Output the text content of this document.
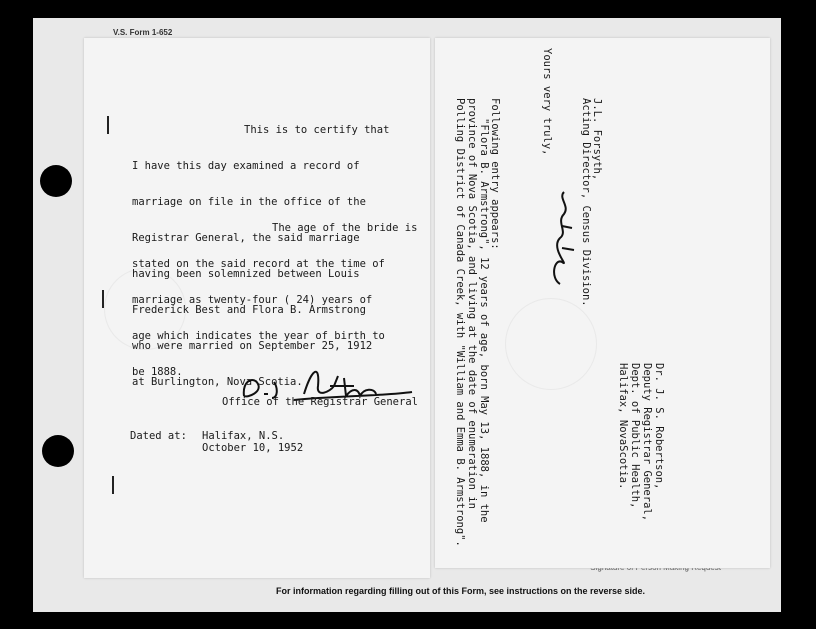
V.S. Form 1-652
For information regarding filling out of this Form, see instructions on the reverse side.

This is to certify that

I have this day examined a record of

marriage on file in the office of the

Registrar General, the said marriage

having been solemnized between Louis

Frederick Best and Flora B. Armstrong

who were married on September 25, 1912

at Burlington, Nova Scotia.

The age of the bride is

stated on the said record at the time of

marriage as twenty-four ( 24) years of

age which indicates the year of birth to

be 1888.

Office of the Registrar General
Dated at: Halifax, N.S.
October 10, 1952
Following entry appears:
"Flora B. Armstrong", 12 years of age, born May 13, 1888, in the
province of Nova Scotia, and living at the date of enumeration in
Polling District of Canada Creek, with "William and Emma B. Armstrong".	Yours very truly,	J.L. Forsyth,
Acting Director, Census Division.
Dr. J. S. Robertson,
Deputy Registrar General,
Dept. of Public Health,
Halifax, NovaScotia.
